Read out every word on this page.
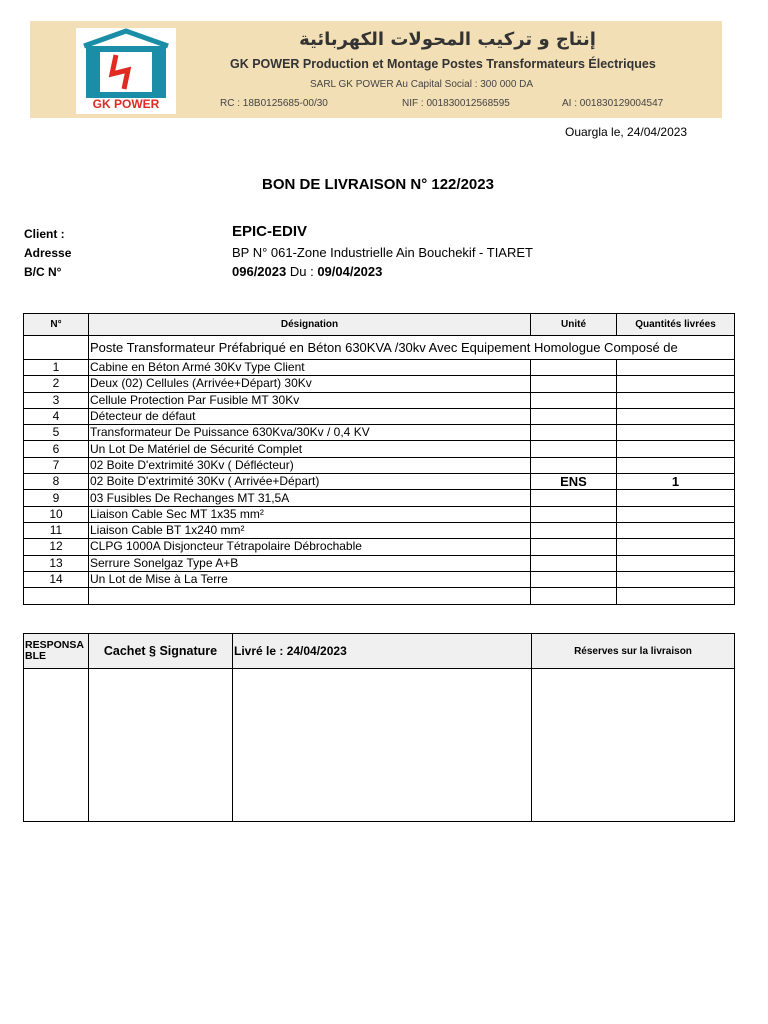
GK POWER
إنتاج و تركيب المحولات الكهربائية
GK POWER Production et Montage Postes Transformateurs Électriques
SARL GK POWER Au Capital Social : 300 000 DA
RC : 18B0125685-00/30	NIF : 001830012568595	AI : 001830129004547
Ouargla le, 24/04/2023
BON DE LIVRAISON N° 122/2023
Client :	EPIC-EDIV
Adresse	BP N° 061-Zone Industrielle Ain Bouchekif - TIARET
B/C N°	096/2023 Du : 09/04/2023
N°	Désignation	Unité	Quantités livrées
	Poste Transformateur Préfabriqué en Béton 630KVA /30kv Avec Equipement Homologue Composé de		
1	Cabine en Béton Armé 30Kv Type Client		
2	Deux (02) Cellules (Arrivée+Départ) 30Kv		
3	Cellule Protection Par Fusible MT 30Kv		
4	Détecteur de défaut		
5	Transformateur De Puissance 630Kva/30Kv / 0,4 KV		
6	Un Lot De Matériel de Sécurité Complet		
7	02 Boite D'extrimité 30Kv ( Déflécteur)		
8	02 Boite D'extrimité 30Kv ( Arrivée+Départ)	ENS	1
9	03 Fusibles De Rechanges MT 31,5A		
10	Liaison Cable Sec MT 1x35 mm²		
11	Liaison Cable BT 1x240 mm²		
12	CLPG 1000A Disjoncteur Tétrapolaire Débrochable		
13	Serrure Sonelgaz Type A+B		
14	Un Lot de Mise à La Terre		

RESPONSA BLE	Cachet § Signature	Livré le : 24/04/2023	Réserves sur la livraison
